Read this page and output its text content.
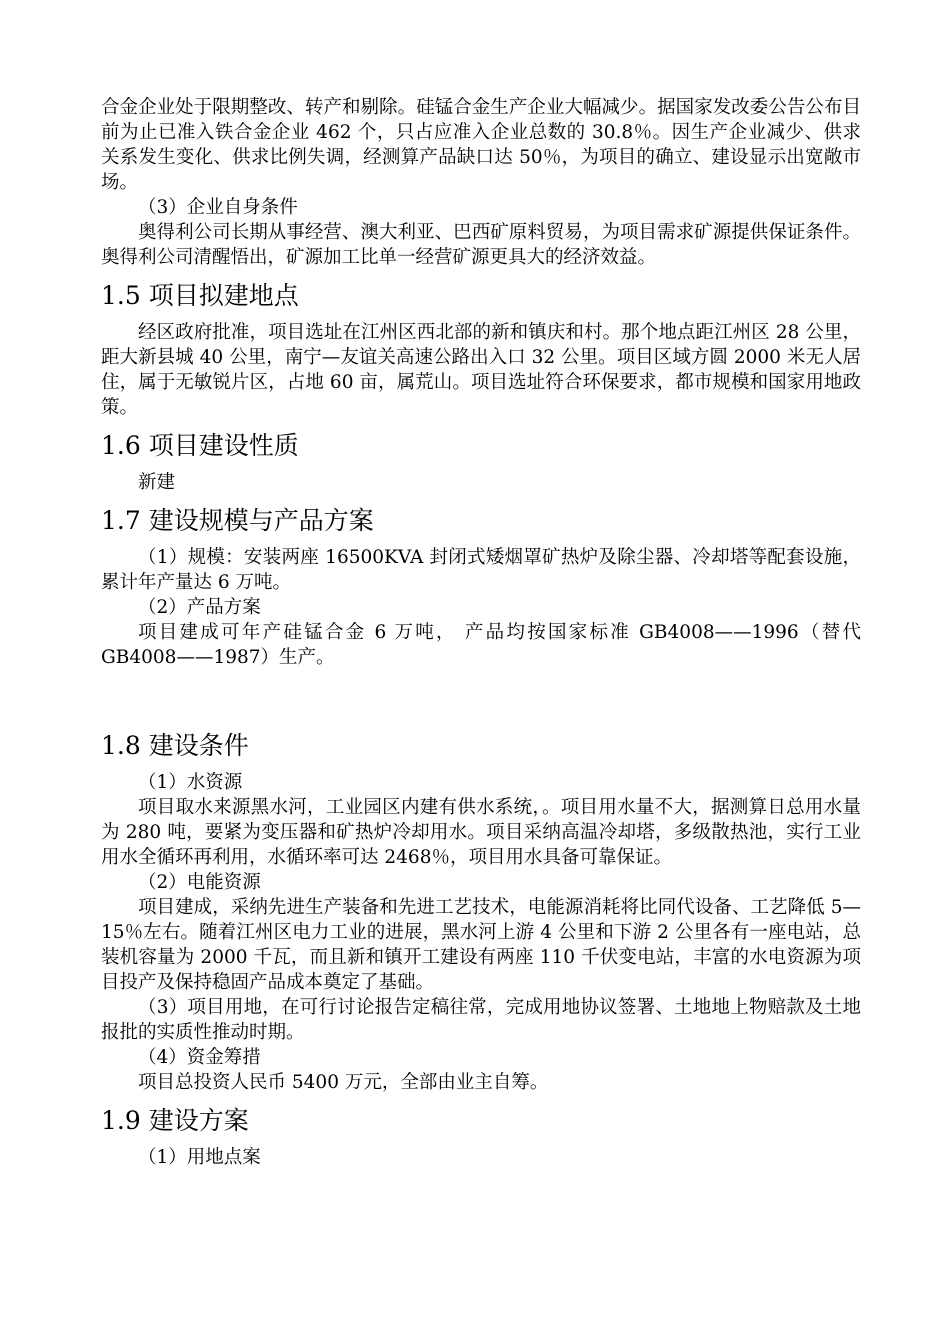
合金企业处于限期整改、转产和剔除。硅锰合金生产企业大幅减少。据国家发改委公告公布目前为止已准入铁合金企业 462 个，只占应准入企业总数的 30.8％。因生产企业减少、供求关系发生变化、供求比例失调，经测算产品缺口达 50％，为项目的确立、建设显示出宽敞市场。

（3）企业自身条件

奥得利公司长期从事经营、澳大利亚、巴西矿原料贸易，为项目需求矿源提供保证条件。奥得利公司清醒悟出，矿源加工比单一经营矿源更具大的经济效益。

1.5 项目拟建地点

经区政府批准，项目选址在江州区西北部的新和镇庆和村。那个地点距江州区 28 公里，距大新县城 40 公里，南宁—友谊关高速公路出入口 32 公里。项目区域方圆 2000 米无人居住，属于无敏锐片区，占地 60 亩，属荒山。项目选址符合环保要求，都市规模和国家用地政策。

1.6 项目建设性质

新建

1.7 建设规模与产品方案

（1）规模：安装两座 16500KVA 封闭式矮烟罩矿热炉及除尘器、冷却塔等配套设施，累计年产量达 6 万吨。

（2）产品方案

项目建成可年产硅锰合金 6 万吨， 产品均按国家标准 GB4008——1996（替代 GB4008——1987）生产。

1.8 建设条件

（1）水资源

项目取水来源黑水河，工业园区内建有供水系统，。项目用水量不大，据测算日总用水量为 280 吨，要紧为变压器和矿热炉冷却用水。项目采纳高温冷却塔，多级散热池，实行工业用水全循环再利用，水循环率可达 2468％，项目用水具备可靠保证。

（2）电能资源

项目建成，采纳先进生产装备和先进工艺技术，电能源消耗将比同代设备、工艺降低 5—15％左右。随着江州区电力工业的进展，黑水河上游 4 公里和下游 2 公里各有一座电站，总装机容量为 2000 千瓦，而且新和镇开工建设有两座 110 千伏变电站，丰富的水电资源为项目投产及保持稳固产品成本奠定了基础。

（3）项目用地，在可行讨论报告定稿往常，完成用地协议签署、土地地上物赔款及土地报批的实质性推动时期。

（4）资金筹措

项目总投资人民币 5400 万元，全部由业主自筹。

1.9 建设方案

（1）用地点案
